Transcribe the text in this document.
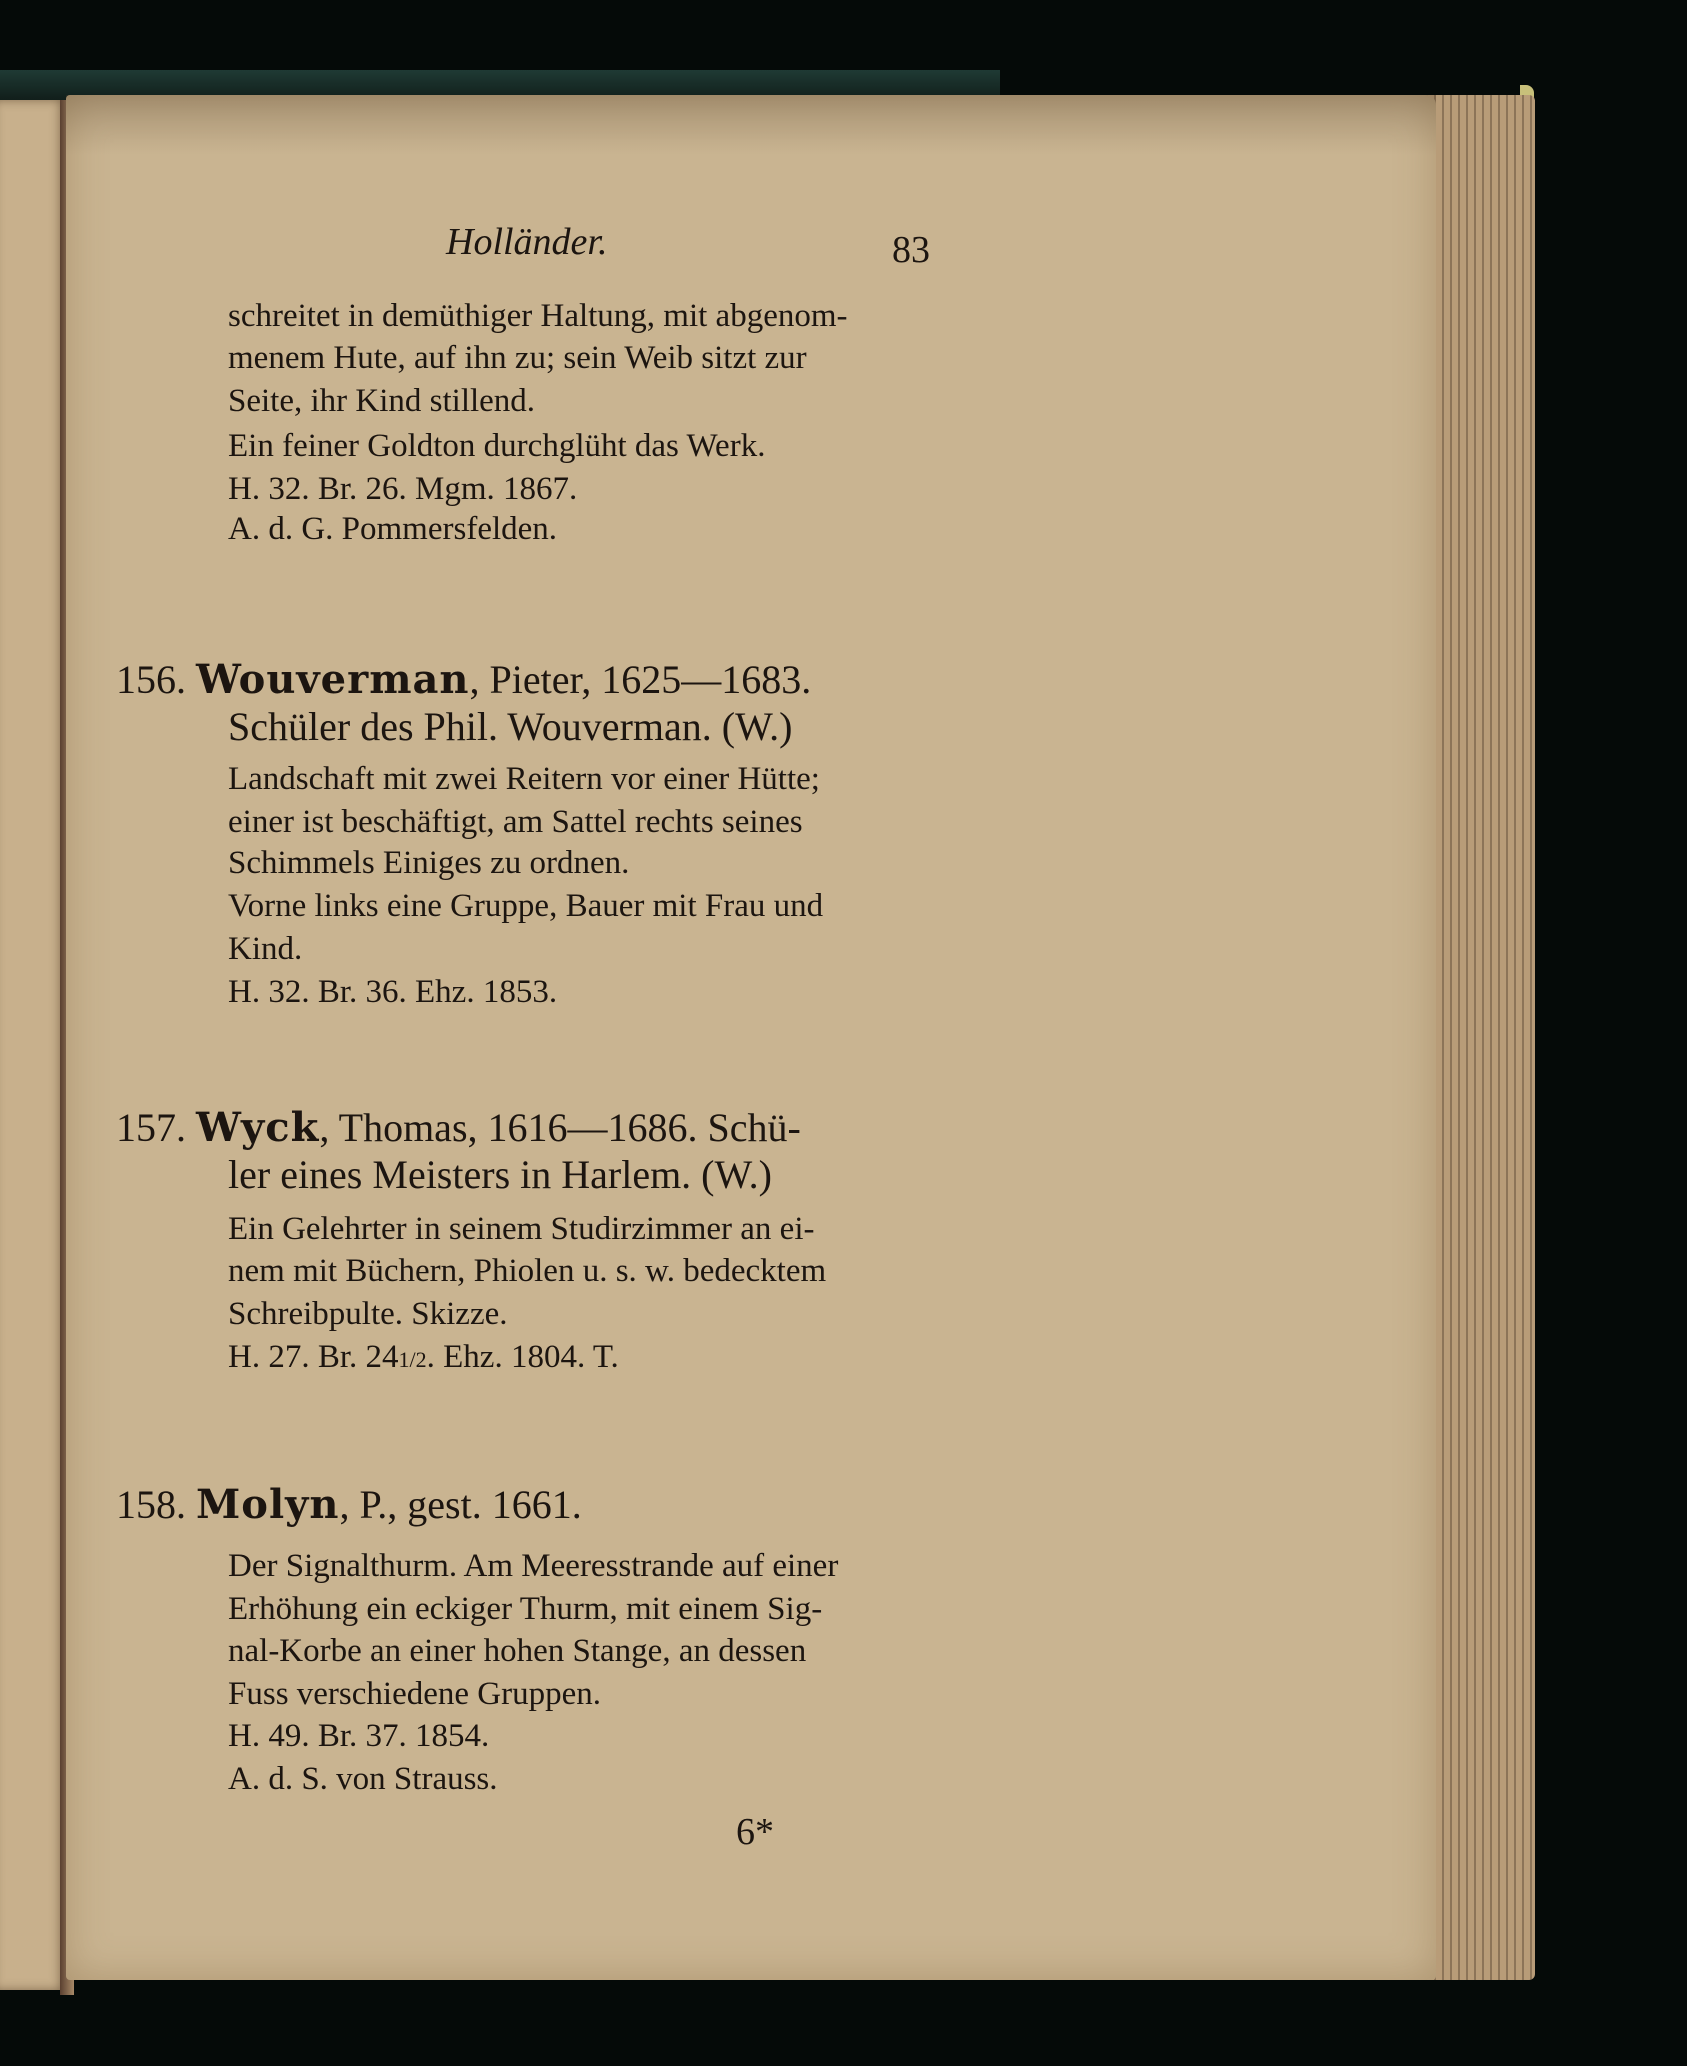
Holländer.	83
schreitet in demüthiger Haltung, mit abgenom-
menem Hute, auf ihn zu; sein Weib sitzt zur
Seite, ihr Kind stillend.
Ein feiner Goldton durchglüht das Werk.
H. 32. Br. 26. Mgm. 1867.
A. d. G. Pommersfelden.
156. Wouverman, Pieter, 1625—1683.
Schüler des Phil. Wouverman. (W.)
Landschaft mit zwei Reitern vor einer Hütte;
einer ist beschäftigt, am Sattel rechts seines
Schimmels Einiges zu ordnen.
Vorne links eine Gruppe, Bauer mit Frau und
Kind.
H. 32. Br. 36. Ehz. 1853.
157. Wyck, Thomas, 1616—1686. Schü-
ler eines Meisters in Harlem. (W.)
Ein Gelehrter in seinem Studirzimmer an ei-
nem mit Büchern, Phiolen u. s. w. bedecktem
Schreibpulte. Skizze.
H. 27. Br. 241/2. Ehz. 1804. T.
158. Molyn, P., gest. 1661.
Der Signalthurm. Am Meeresstrande auf einer
Erhöhung ein eckiger Thurm, mit einem Sig-
nal-Korbe an einer hohen Stange, an dessen
Fuss verschiedene Gruppen.
H. 49. Br. 37. 1854.
A. d. S. von Strauss.
6*
